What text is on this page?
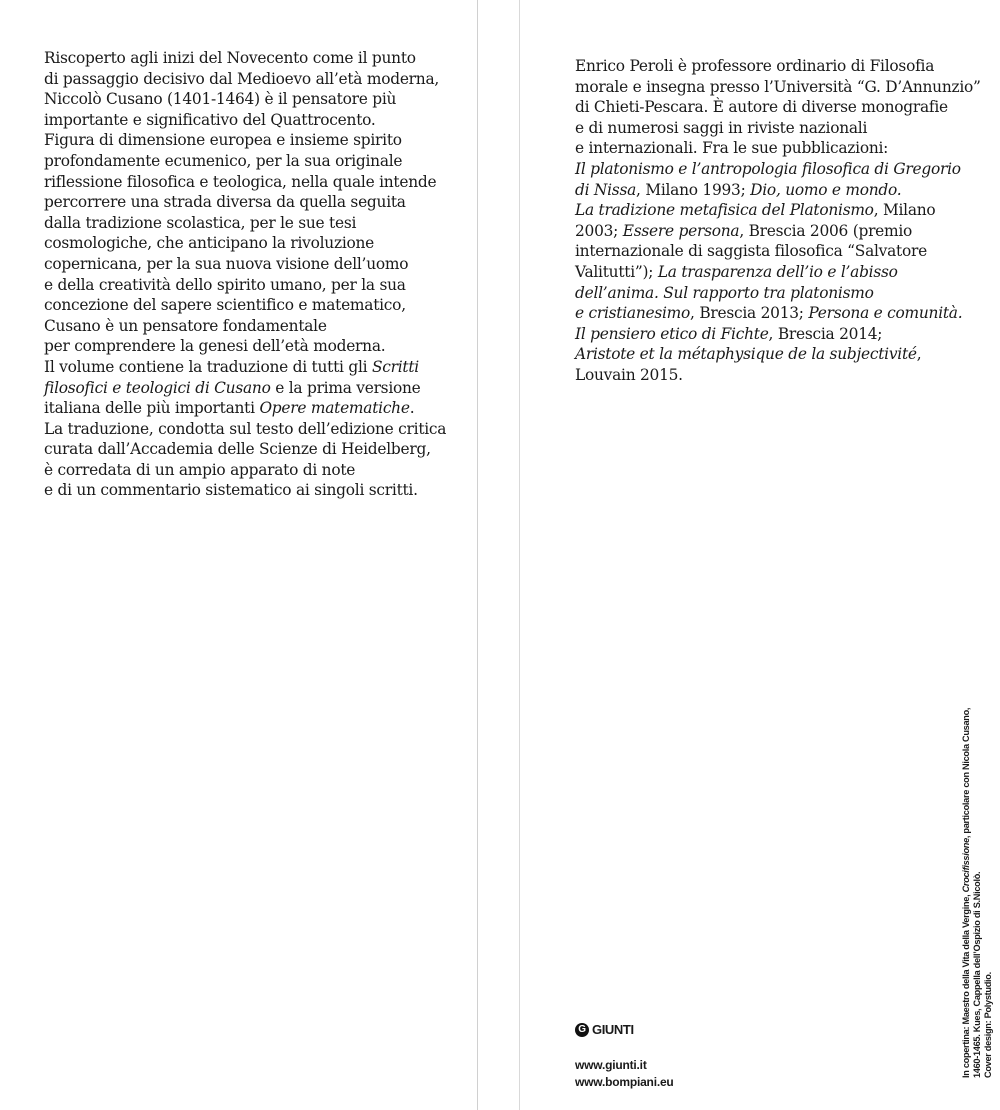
Riscoperto agli inizi del Novecento come il punto
di passaggio decisivo dal Medioevo all’età moderna,
Niccolò Cusano (1401-1464) è il pensatore più
importante e significativo del Quattrocento.
Figura di dimensione europea e insieme spirito
profondamente ecumenico, per la sua originale
riflessione filosofica e teologica, nella quale intende
percorrere una strada diversa da quella seguita
dalla tradizione scolastica, per le sue tesi
cosmologiche, che anticipano la rivoluzione
copernicana, per la sua nuova visione dell’uomo
e della creatività dello spirito umano, per la sua
concezione del sapere scientifico e matematico,
Cusano è un pensatore fondamentale
per comprendere la genesi dell’età moderna.
Il volume contiene la traduzione di tutti gli Scritti
filosofici e teologici di Cusano e la prima versione
italiana delle più importanti Opere matematiche.
La traduzione, condotta sul testo dell’edizione critica
curata dall’Accademia delle Scienze di Heidelberg,
è corredata di un ampio apparato di note
e di un commentario sistematico ai singoli scritti.
Enrico Peroli è professore ordinario di Filosofia
morale e insegna presso l’Università “G. D’Annunzio”
di Chieti-Pescara. È autore di diverse monografie
e di numerosi saggi in riviste nazionali
e internazionali. Fra le sue pubblicazioni:
Il platonismo e l’antropologia filosofica di Gregorio
di Nissa, Milano 1993; Dio, uomo e mondo.
La tradizione metafisica del Platonismo, Milano
2003; Essere persona, Brescia 2006 (premio
internazionale di saggista filosofica “Salvatore
Valitutti”); La trasparenza dell’io e l’abisso
dell’anima. Sul rapporto tra platonismo
e cristianesimo, Brescia 2013; Persona e comunità.
Il pensiero etico di Fichte, Brescia 2014;
Aristote et la métaphysique de la subjectivité,
Louvain 2015.
G GIUNTI
www.giunti.it
www.bompiani.eu
In copertina: Maestro della Vita della Vergine, Crocifissione, particolare con Nicola Cusano,
1460-1465. Kues, Cappella dell’Ospizio di S.Nicolò. Cover design: Polystudio.
